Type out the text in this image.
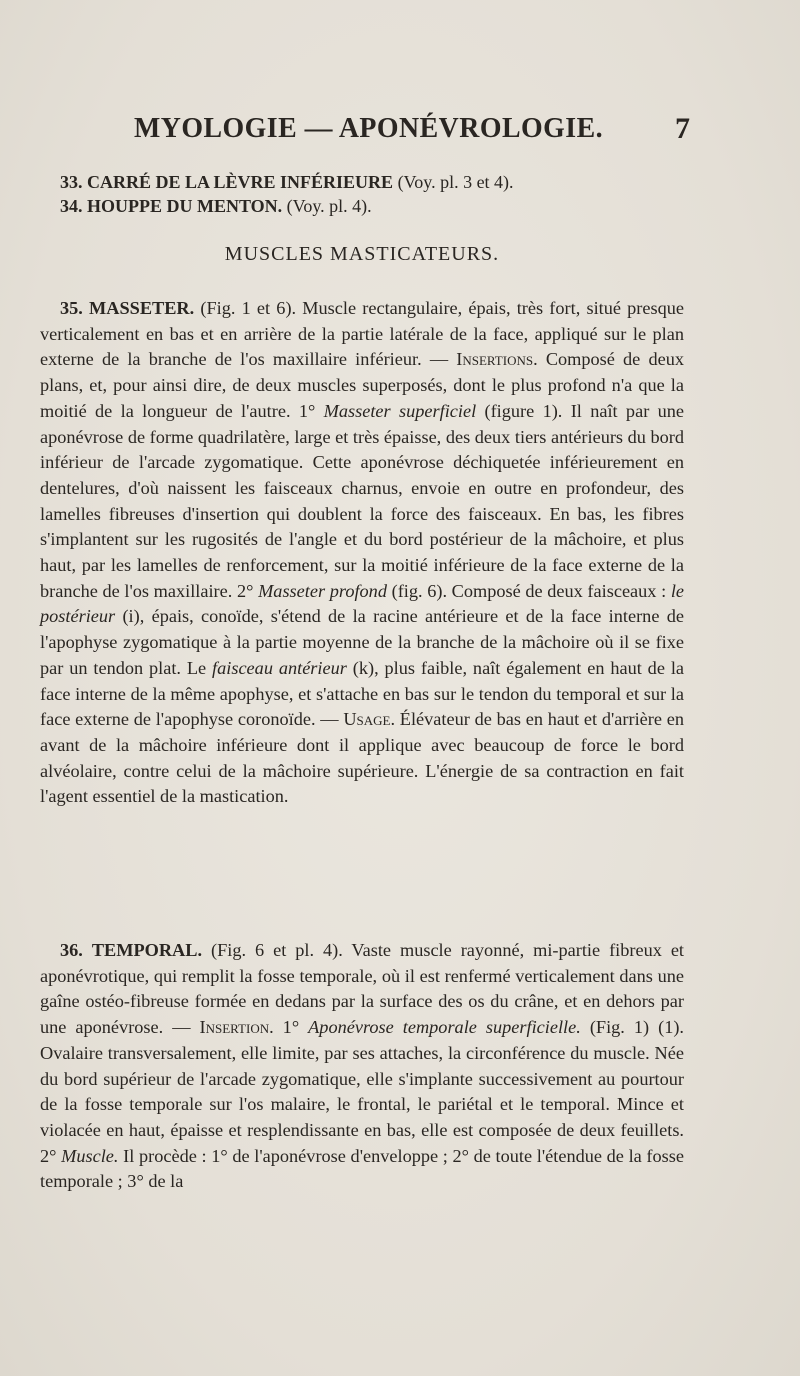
MYOLOGIE — APONÉVROLOGIE. 7
33. CARRÉ DE LA LÈVRE INFÉRIEURE (Voy. pl. 3 et 4).
34. HOUPPE DU MENTON. (Voy. pl. 4).
MUSCLES MASTICATEURS.

35. MASSETER. (Fig. 1 et 6). Muscle rectangulaire, épais, très fort, situé presque verticalement en bas et en arrière de la partie latérale de la face, appliqué sur le plan externe de la branche de l'os maxillaire inférieur. — Insertions. Composé de deux plans, et, pour ainsi dire, de deux muscles superposés, dont le plus profond n'a que la moitié de la longueur de l'autre. 1° Masseter superficiel (figure 1). Il naît par une aponévrose de forme quadrilatère, large et très épaisse, des deux tiers antérieurs du bord inférieur de l'arcade zygomatique. Cette aponévrose déchiquetée inférieurement en dentelures, d'où naissent les faisceaux charnus, envoie en outre en profondeur, des lamelles fibreuses d'insertion qui doublent la force des faisceaux. En bas, les fibres s'implantent sur les rugosités de l'angle et du bord postérieur de la mâchoire, et plus haut, par les lamelles de renforcement, sur la moitié inférieure de la face externe de la branche de l'os maxillaire. 2° Masseter profond (fig. 6). Composé de deux faisceaux : le postérieur (i), épais, conoïde, s'étend de la racine antérieure et de la face interne de l'apophyse zygomatique à la partie moyenne de la branche de la mâchoire où il se fixe par un tendon plat. Le faisceau antérieur (k), plus faible, naît également en haut de la face interne de la même apophyse, et s'attache en bas sur le tendon du temporal et sur la face externe de l'apophyse coronoïde. — Usage. Élévateur de bas en haut et d'arrière en avant de la mâchoire inférieure dont il applique avec beaucoup de force le bord alvéolaire, contre celui de la mâchoire supérieure. L'énergie de sa contraction en fait l'agent essentiel de la mastication.

36. TEMPORAL. (Fig. 6 et pl. 4). Vaste muscle rayonné, mi-partie fibreux et aponévrotique, qui remplit la fosse temporale, où il est renfermé verticalement dans une gaîne ostéo-fibreuse formée en dedans par la surface des os du crâne, et en dehors par une aponévrose. — Insertion. 1° Aponévrose temporale superficielle. (Fig. 1) (1). Ovalaire transversalement, elle limite, par ses attaches, la circonférence du muscle. Née du bord supérieur de l'arcade zygomatique, elle s'implante successivement au pourtour de la fosse temporale sur l'os malaire, le frontal, le pariétal et le temporal. Mince et violacée en haut, épaisse et resplendissante en bas, elle est composée de deux feuillets. 2° Muscle. Il procède : 1° de l'aponévrose d'enveloppe ; 2° de toute l'étendue de la fosse temporale ; 3° de la
